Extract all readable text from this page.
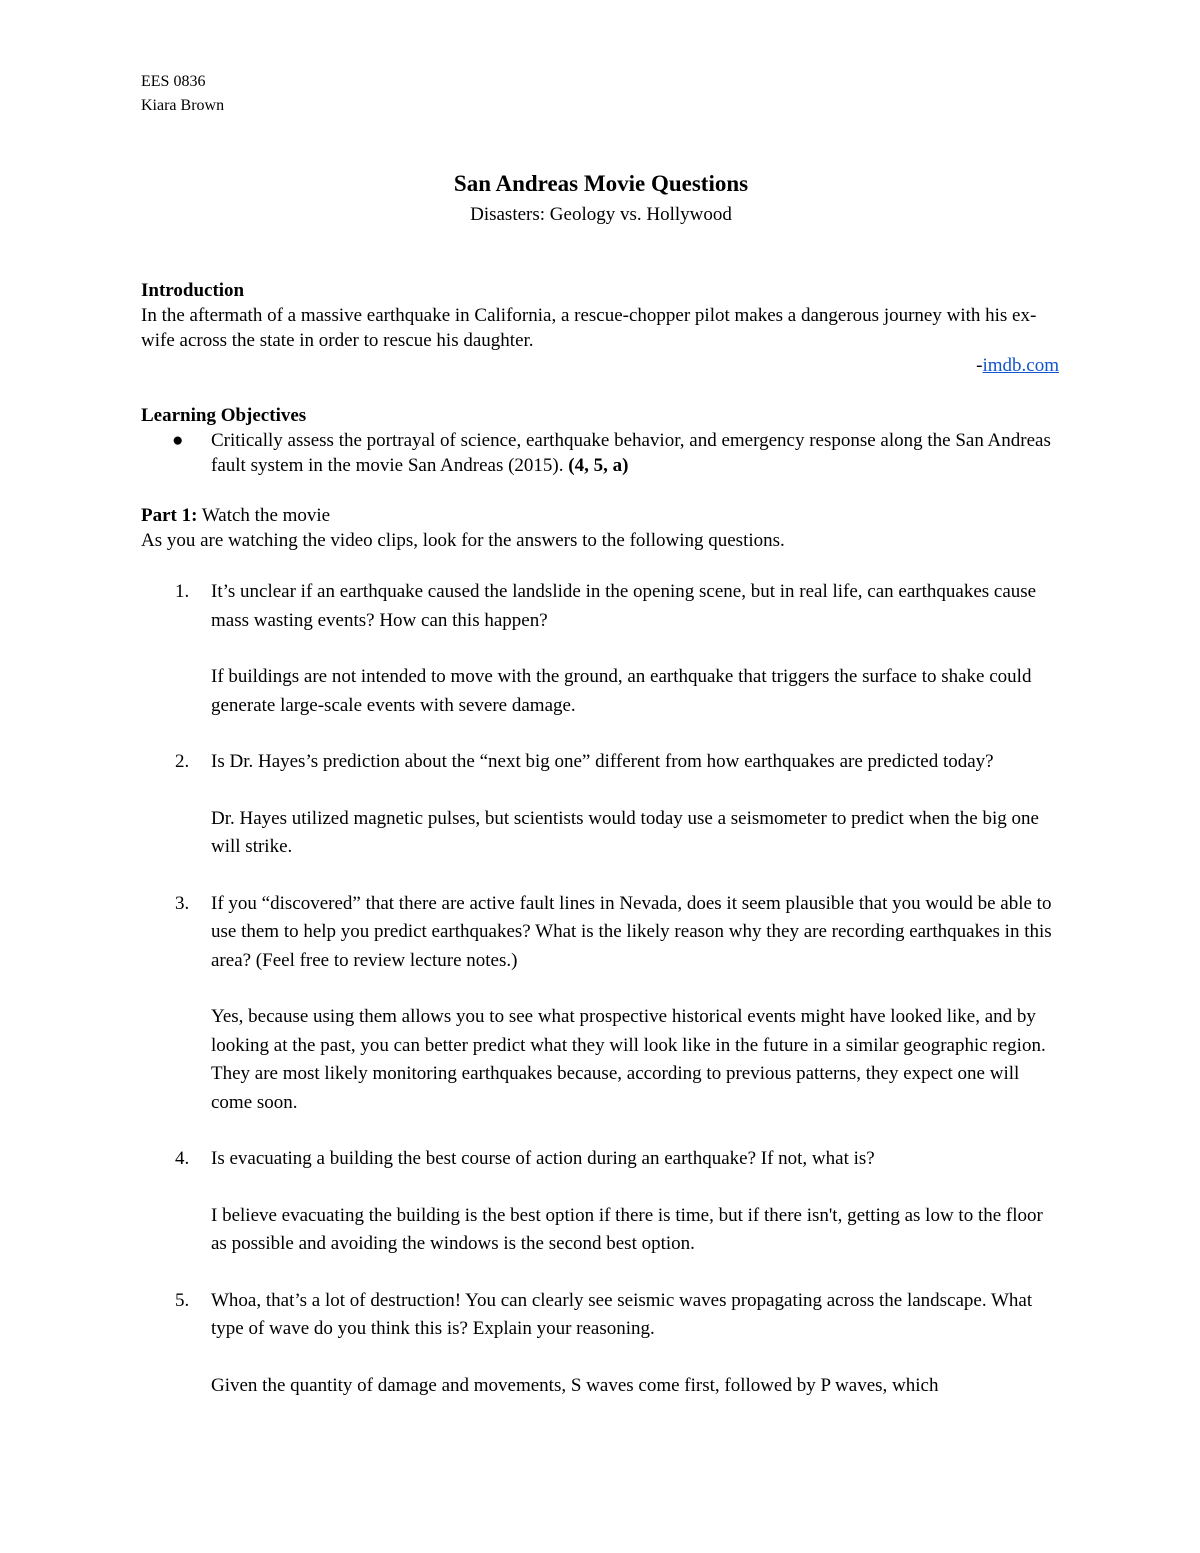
EES 0836

Kiara Brown

San Andreas Movie Questions

Disasters: Geology vs. Hollywood

Introduction

In the aftermath of a massive earthquake in California, a rescue-chopper pilot makes a dangerous journey with his ex-wife across the state in order to rescue his daughter.

-imdb.com

Learning Objectives

● Critically assess the portrayal of science, earthquake behavior, and emergency response along the San Andreas fault system in the movie San Andreas (2015). (4, 5, a)

Part 1: Watch the movie

As you are watching the video clips, look for the answers to the following questions.

1. It’s unclear if an earthquake caused the landslide in the opening scene, but in real life, can earthquakes cause mass wasting events? How can this happen?

If buildings are not intended to move with the ground, an earthquake that triggers the surface to shake could generate large-scale events with severe damage.

2. Is Dr. Hayes’s prediction about the “next big one” different from how earthquakes are predicted today?

Dr. Hayes utilized magnetic pulses, but scientists would today use a seismometer to predict when the big one will strike.

3. If you “discovered” that there are active fault lines in Nevada, does it seem plausible that you would be able to use them to help you predict earthquakes? What is the likely reason why they are recording earthquakes in this area? (Feel free to review lecture notes.)

Yes, because using them allows you to see what prospective historical events might have looked like, and by looking at the past, you can better predict what they will look like in the future in a similar geographic region. They are most likely monitoring earthquakes because, according to previous patterns, they expect one will come soon.

4. Is evacuating a building the best course of action during an earthquake? If not, what is?

I believe evacuating the building is the best option if there is time, but if there isn't, getting as low to the floor as possible and avoiding the windows is the second best option.

5. Whoa, that’s a lot of destruction! You can clearly see seismic waves propagating across the landscape. What type of wave do you think this is? Explain your reasoning.

Given the quantity of damage and movements, S waves come first, followed by P waves, which
